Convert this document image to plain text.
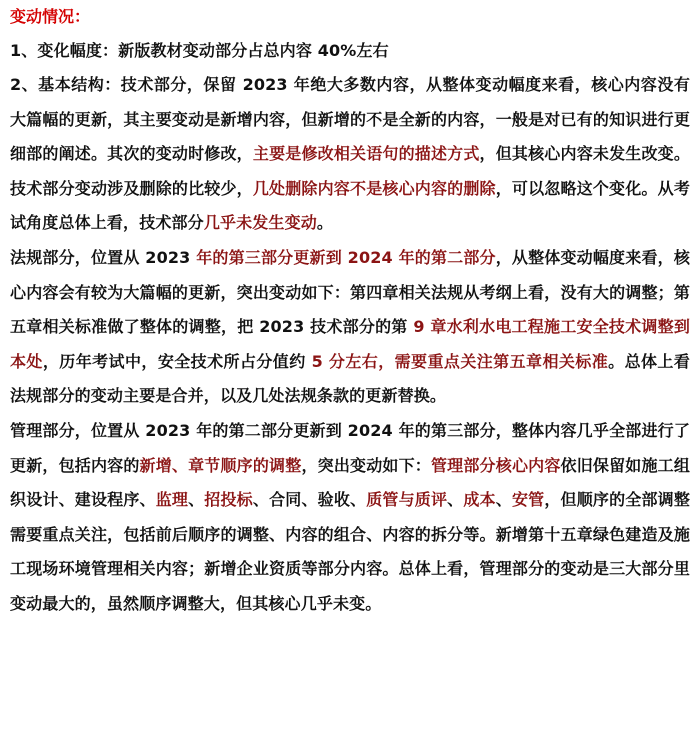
变动情况：

1、变化幅度：新版教材变动部分占总内容 40%左右

2、基本结构：技术部分，保留 2023 年绝大多数内容，从整体变动幅度来看，核心内容没有大篇幅的更新，其主要变动是新增内容，但新增的不是全新的内容，一般是对已有的知识进行更细部的阐述。其次的变动时修改，主要是修改相关语句的描述方式，但其核心内容未发生改变。技术部分变动涉及删除的比较少，几处删除内容不是核心内容的删除，可以忽略这个变化。从考试角度总体上看，技术部分几乎未发生变动。

法规部分，位置从 2023 年的第三部分更新到 2024 年的第二部分，从整体变动幅度来看，核心内容会有较为大篇幅的更新，突出变动如下：第四章相关法规从考纲上看，没有大的调整；第五章相关标准做了整体的调整，把 2023 技术部分的第 9 章水利水电工程施工安全技术调整到本处，历年考试中，安全技术所占分值约 5 分左右，需要重点关注第五章相关标准。总体上看法规部分的变动主要是合并，以及几处法规条款的更新替换。

管理部分，位置从 2023 年的第二部分更新到 2024 年的第三部分，整体内容几乎全部进行了更新，包括内容的新增、章节顺序的调整，突出变动如下：管理部分核心内容依旧保留如施工组织设计、建设程序、监理、招投标、合同、验收、质管与质评、成本、安管，但顺序的全部调整需要重点关注，包括前后顺序的调整、内容的组合、内容的拆分等。新增第十五章绿色建造及施工现场环境管理相关内容；新增企业资质等部分内容。总体上看，管理部分的变动是三大部分里变动最大的，虽然顺序调整大，但其核心几乎未变。
